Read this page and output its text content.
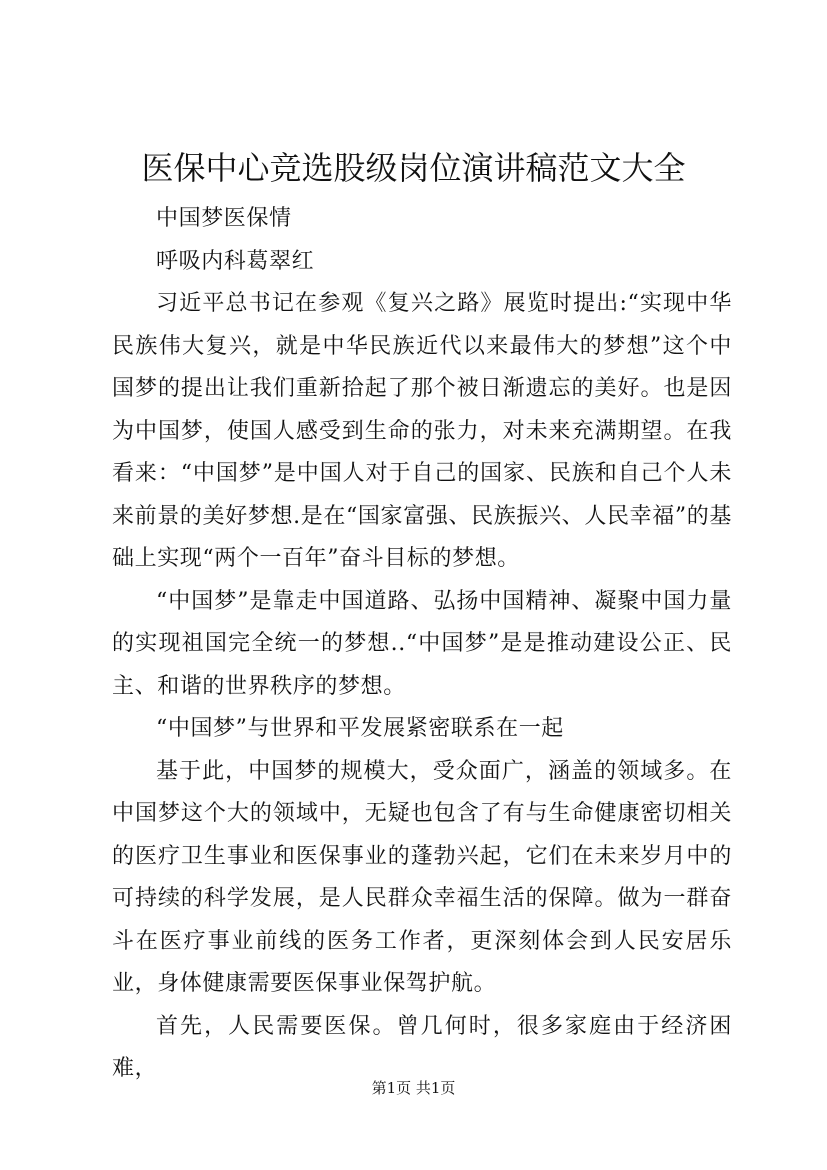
医保中心竞选股级岗位演讲稿范文大全

中国梦医保情

呼吸内科葛翠红

习近平总书记在参观《复兴之路》展览时提出:“实现中华民族伟大复兴，就是中华民族近代以来最伟大的梦想”这个中国梦的提出让我们重新拾起了那个被日渐遗忘的美好。也是因为中国梦，使国人感受到生命的张力，对未来充满期望。在我看来：“中国梦”是中国人对于自己的国家、民族和自己个人未来前景的美好梦想.是在“国家富强、民族振兴、人民幸福”的基础上实现“两个一百年”奋斗目标的梦想。

“中国梦”是靠走中国道路、弘扬中国精神、凝聚中国力量的实现祖国完全统一的梦想..“中国梦”是是推动建设公正、民主、和谐的世界秩序的梦想。

“中国梦”与世界和平发展紧密联系在一起

基于此，中国梦的规模大，受众面广，涵盖的领域多。在中国梦这个大的领域中，无疑也包含了有与生命健康密切相关的医疗卫生事业和医保事业的蓬勃兴起，它们在未来岁月中的可持续的科学发展，是人民群众幸福生活的保障。做为一群奋斗在医疗事业前线的医务工作者，更深刻体会到人民安居乐业，身体健康需要医保事业保驾护航。

首先，人民需要医保。曾几何时，很多家庭由于经济困难，

第1页 共1页
